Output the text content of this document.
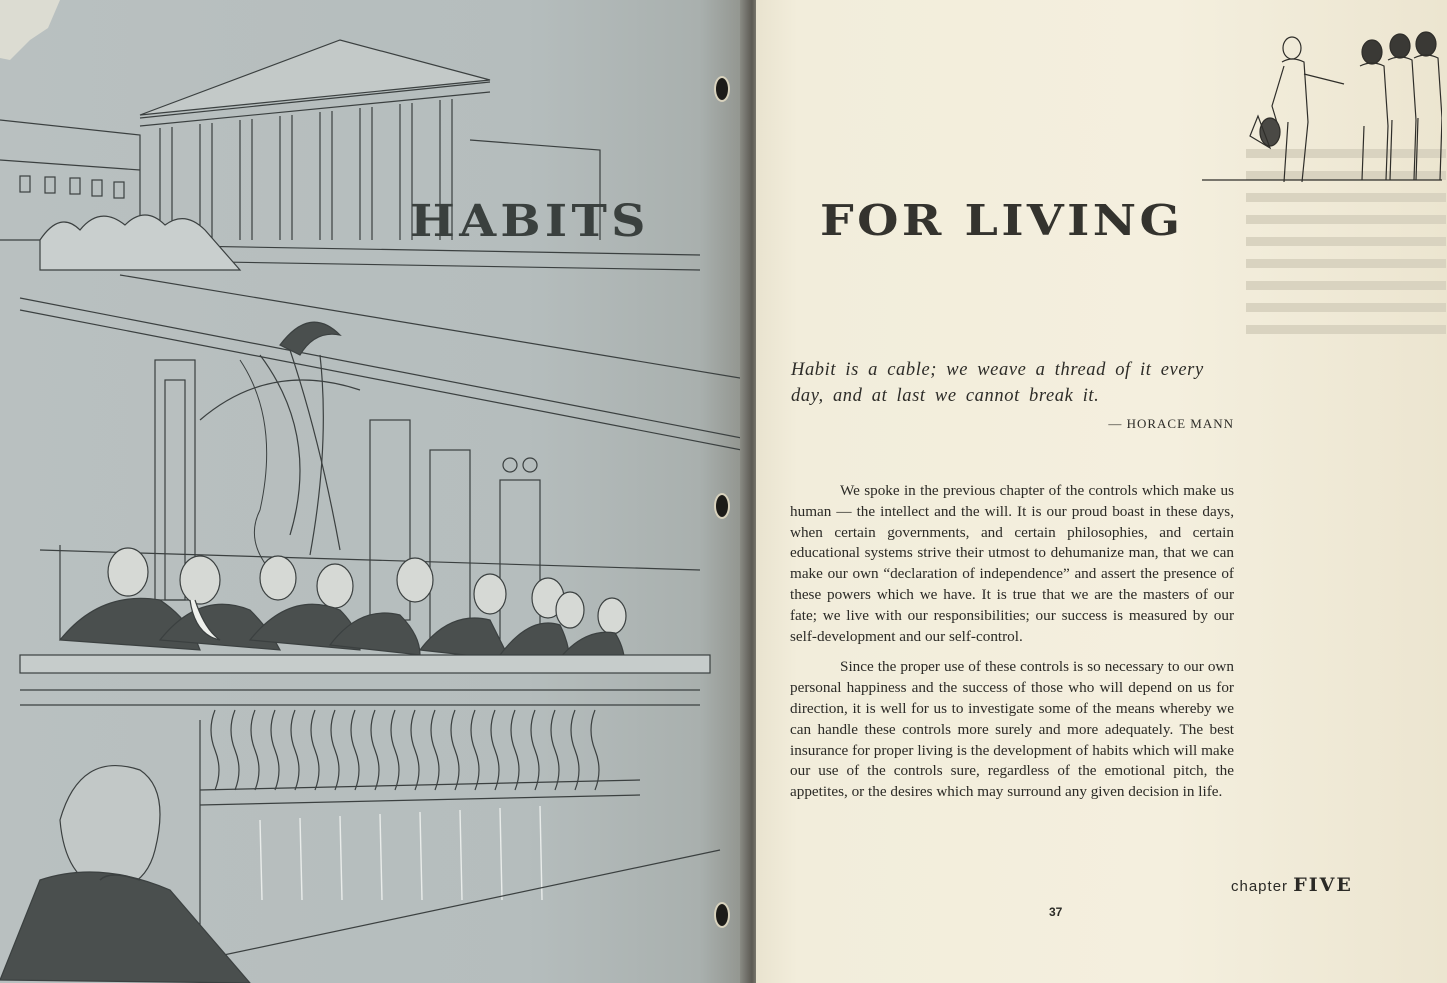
HABITS	FOR LIVING
Habit is a cable; we weave a thread of it every day, and at last we cannot break it.
— HORACE MANN

We spoke in the previous chapter of the controls which make us human — the intellect and the will. It is our proud boast in these days, when certain governments, and certain philosophies, and certain educational systems strive their utmost to dehumanize man, that we can make our own “declaration of independence” and assert the presence of these powers which we have. It is true that we are the masters of our fate; we live with our responsibilities; our success is measured by our self-development and our self-control.

Since the proper use of these controls is so necessary to our own personal happiness and the success of those who will depend on us for direction, it is well for us to investigate some of the means whereby we can handle these controls more surely and more adequately. The best insurance for proper living is the development of habits which will make our use of the controls sure, regardless of the emotional pitch, the appetites, or the desires which may surround any given decision in life.

37
chapter FIVE
